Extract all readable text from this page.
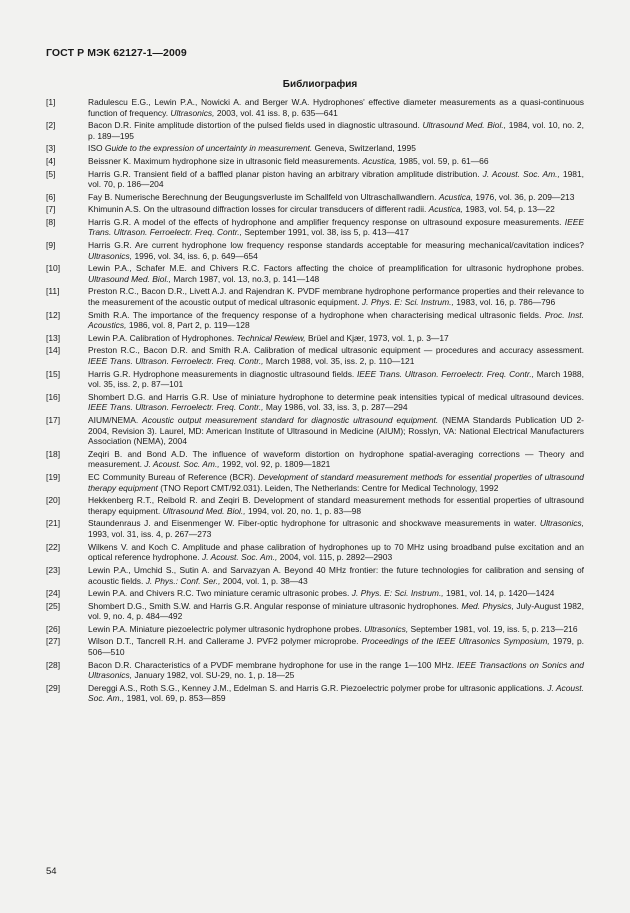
ГОСТ Р МЭК 62127-1—2009
Библиография
[1]	Radulescu E.G., Lewin P.A., Nowicki A. and Berger W.A. Hydrophones' effective diameter measurements as a quasi-continuous function of frequency. Ultrasonics, 2003, vol. 41 iss. 8, p. 635—641
[2]	Bacon D.R. Finite amplitude distortion of the pulsed fields used in diagnostic ultrasound. Ultrasound Med. Biol., 1984, vol. 10, no. 2, p. 189—195
[3]	ISO Guide to the expression of uncertainty in measurement. Geneva, Switzerland, 1995
[4]	Beissner K. Maximum hydrophone size in ultrasonic field measurements. Acustica, 1985, vol. 59, p. 61—66
[5]	Harris G.R. Transient field of a baffled planar piston having an arbitrary vibration amplitude distribution. J. Acoust. Soc. Am., 1981, vol. 70, p. 186—204
[6]	Fay B. Numerische Berechnung der Beugungsverluste im Schallfeld von Ultraschallwandlern. Acustica, 1976, vol. 36, p. 209—213
[7]	Khimunin A.S. On the ultrasound diffraction losses for circular transducers of different radii. Acustica, 1983, vol. 54, p. 13—22
[8]	Harris G.R. A model of the effects of hydrophone and amplifier frequency response on ultrasound exposure measurements. IEEE Trans. Ultrason. Ferroelectr. Freq. Contr., September 1991, vol. 38, iss 5, p. 413—417
[9]	Harris G.R. Are current hydrophone low frequency response standards acceptable for measuring mechanical/cavitation indices? Ultrasonics, 1996, vol. 34, iss. 6, p. 649—654
[10]	Lewin P.A., Schafer M.E. and Chivers R.C. Factors affecting the choice of preamplification for ultrasonic hydrophone probes. Ultrasound Med. Biol., March 1987, vol. 13, no.3, p. 141—148
[11]	Preston R.C., Bacon D.R., Livett A.J. and Rajendran K. PVDF membrane hydrophone performance properties and their relevance to the measurement of the acoustic output of medical ultrasonic equipment. J. Phys. E: Sci. Instrum., 1983, vol. 16, p. 786—796
[12]	Smith R.A. The importance of the frequency response of a hydrophone when characterising medical ultrasonic fields. Proc. Inst. Acoustics, 1986, vol. 8, Part 2, p. 119—128
[13]	Lewin P.A. Calibration of Hydrophones. Technical Rewiew, Brüel and Kjær, 1973, vol. 1, p. 3—17
[14]	Preston R.C., Bacon D.R. and Smith R.A. Calibration of medical ultrasonic equipment — procedures and accuracy assessment. IEEE Trans. Ultrason. Ferroelectr. Freq. Contr., March 1988, vol. 35, iss. 2, p. 110—121
[15]	Harris G.R. Hydrophone measurements in diagnostic ultrasound fields. IEEE Trans. Ultrason. Ferroelectr. Freq. Contr., March 1988, vol. 35, iss. 2, p. 87—101
[16]	Shombert D.G. and Harris G.R. Use of miniature hydrophone to determine peak intensities typical of medical ultrasound devices. IEEE Trans. Ultrason. Ferroelectr. Freq. Contr., May 1986, vol. 33, iss. 3, p. 287—294
[17]	AIUM/NEMA. Acoustic output measurement standard for diagnostic ultrasound equipment. (NEMA Standards Publication UD 2-2004, Revision 3). Laurel, MD: American Institute of Ultrasound in Medicine (AIUM); Rosslyn, VA: National Electrical Manufacturers Association (NEMA), 2004
[18]	Zeqiri B. and Bond A.D. The influence of waveform distortion on hydrophone spatial-averaging corrections — Theory and measurement. J. Acoust. Soc. Am., 1992, vol. 92, p. 1809—1821
[19]	EC Community Bureau of Reference (BCR). Development of standard measurement methods for essential properties of ultrasound therapy equipment (TNO Report CMT/92.031). Leiden, The Netherlands: Centre for Medical Technology, 1992
[20]	Hekkenberg R.T., Reibold R. and Zeqiri B. Development of standard measurement methods for essential properties of ultrasound therapy equipment. Ultrasound Med. Biol., 1994, vol. 20, no. 1, p. 83—98
[21]	Staundenraus J. and Eisenmenger W. Fiber-optic hydrophone for ultrasonic and shockwave measurements in water. Ultrasonics, 1993, vol. 31, iss. 4, p. 267—273
[22]	Wilkens V. and Koch C. Amplitude and phase calibration of hydrophones up to 70 MHz using broadband pulse excitation and an optical reference hydrophone. J. Acoust. Soc. Am., 2004, vol. 115, p. 2892—2903
[23]	Lewin P.A., Umchid S., Sutin A. and Sarvazyan A. Beyond 40 MHz frontier: the future technologies for calibration and sensing of acoustic fields. J. Phys.: Conf. Ser., 2004, vol. 1, p. 38—43
[24]	Lewin P.A. and Chivers R.C. Two miniature ceramic ultrasonic probes. J. Phys. E: Sci. Instrum., 1981, vol. 14, p. 1420—1424
[25]	Shombert D.G., Smith S.W. and Harris G.R. Angular response of miniature ultrasonic hydrophones. Med. Physics, July-August 1982, vol. 9, no. 4, p. 484—492
[26]	Lewin P.A. Miniature piezoelectric polymer ultrasonic hydrophone probes. Ultrasonics, September 1981, vol. 19, iss. 5, p. 213—216
[27]	Wilson D.T., Tancrell R.H. and Callerame J. PVF2 polymer microprobe. Proceedings of the IEEE Ultrasonics Symposium, 1979, p. 506—510
[28]	Bacon D.R. Characteristics of a PVDF membrane hydrophone for use in the range 1—100 MHz. IEEE Transactions on Sonics and Ultrasonics, January 1982, vol. SU-29, no. 1, p. 18—25
[29]	Dereggi A.S., Roth S.G., Kenney J.M., Edelman S. and Harris G.R. Piezoelectric polymer probe for ultrasonic applications. J. Acoust. Soc. Am., 1981, vol. 69, p. 853—859
54
